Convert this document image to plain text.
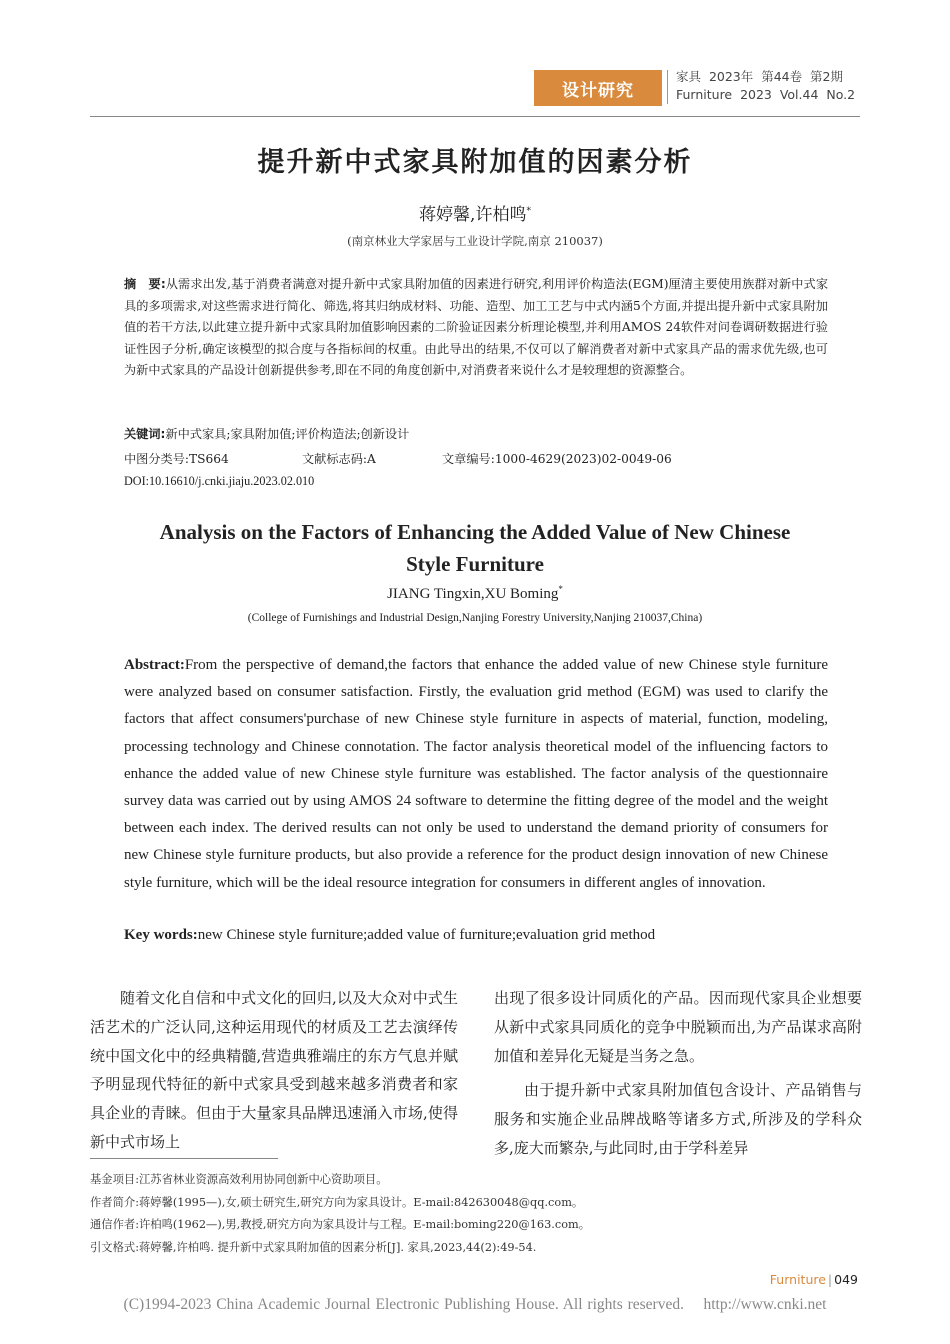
设计研究
家具  2023年  第44卷  第2期
Furniture  2023  Vol.44  No.2
提升新中式家具附加值的因素分析
蒋婷馨,许柏鸣*
(南京林业大学家居与工业设计学院,南京 210037)
摘　要:从需求出发,基于消费者满意对提升新中式家具附加值的因素进行研究,利用评价构造法(EGM)厘清主要使用族群对新中式家具的多项需求,对这些需求进行简化、筛选,将其归纳成材料、功能、造型、加工工艺与中式内涵5个方面,并提出提升新中式家具附加值的若干方法,以此建立提升新中式家具附加值影响因素的二阶验证因素分析理论模型,并利用AMOS 24软件对问卷调研数据进行验证性因子分析,确定该模型的拟合度与各指标间的权重。由此导出的结果,不仅可以了解消费者对新中式家具产品的需求优先级,也可为新中式家具的产品设计创新提供参考,即在不同的角度创新中,对消费者来说什么才是较理想的资源整合。
关键词:新中式家具;家具附加值;评价构造法;创新设计
中图分类号:TS664	文献标志码:A	文章编号:1000-4629(2023)02-0049-06
DOI:10.16610/j.cnki.jiaju.2023.02.010
Analysis on the Factors of Enhancing the Added Value of New Chinese
Style Furniture
JIANG Tingxin,XU Boming*
(College of Furnishings and Industrial Design,Nanjing Forestry University,Nanjing 210037,China)
Abstract:From the perspective of demand,the factors that enhance the added value of new Chinese style furniture were analyzed based on consumer satisfaction. Firstly, the evaluation grid method (EGM) was used to clarify the factors that affect consumers'purchase of new Chinese style furniture in aspects of material, function, modeling, processing technology and Chinese connotation. The factor analysis theoretical model of the influencing factors to enhance the added value of new Chinese style furniture was established. The factor analysis of the questionnaire survey data was carried out by using AMOS 24 software to determine the fitting degree of the model and the weight between each index. The derived results can not only be used to understand the demand priority of consumers for new Chinese style furniture products, but also provide a reference for the product design innovation of new Chinese style furniture, which will be the ideal resource integration for consumers in different angles of innovation.
Key words:new Chinese style furniture;added value of furniture;evaluation grid method

随着文化自信和中式文化的回归,以及大众对中式生活艺术的广泛认同,这种运用现代的材质及工艺去演绎传统中国文化中的经典精髓,营造典雅端庄的东方气息并赋予明显现代特征的新中式家具受到越来越多消费者和家具企业的青睐。但由于大量家具品牌迅速涌入市场,使得新中式市场上

出现了很多设计同质化的产品。因而现代家具企业想要从新中式家具同质化的竞争中脱颖而出,为产品谋求高附加值和差异化无疑是当务之急。

由于提升新中式家具附加值包含设计、产品销售与服务和实施企业品牌战略等诸多方式,所涉及的学科众多,庞大而繁杂,与此同时,由于学科差异

基金项目:江苏省林业资源高效利用协同创新中心资助项目。
作者简介:蒋婷馨(1995—),女,硕士研究生,研究方向为家具设计。E-mail:842630048@qq.com。
通信作者:许柏鸣(1962—),男,教授,研究方向为家具设计与工程。E-mail:boming220@163.com。
引文格式:蒋婷馨,许柏鸣. 提升新中式家具附加值的因素分析[J]. 家具,2023,44(2):49-54.
Furniture | 049
(C)1994-2023 China Academic Journal Electronic Publishing House. All rights reserved.    http://www.cnki.net
